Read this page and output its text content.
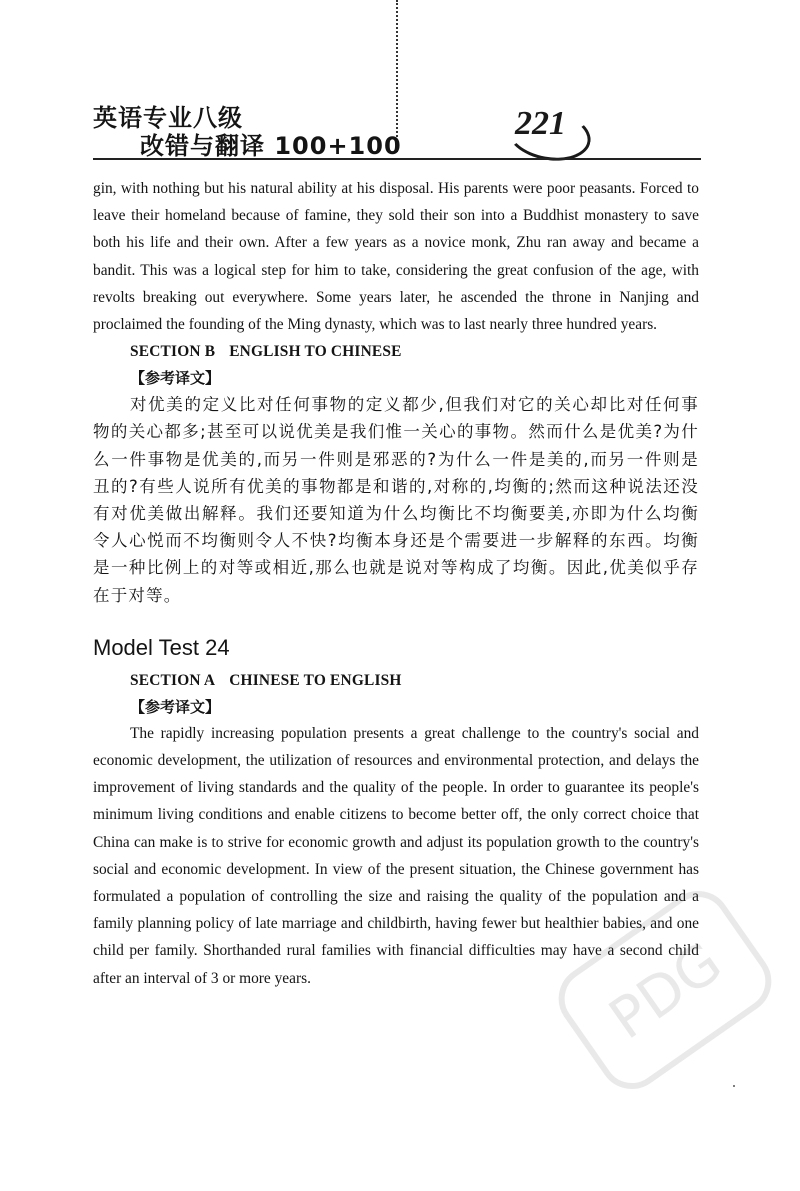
英语专业八级
改错与翻译 100+100
221

gin, with nothing but his natural ability at his disposal. His parents were poor peasants. Forced to leave their homeland because of famine, they sold their son into a Buddhist monastery to save both his life and their own. After a few years as a novice monk, Zhu ran away and became a bandit. This was a logical step for him to take, considering the great confusion of the age, with revolts breaking out everywhere. Some years later, he ascended the throne in Nanjing and proclaimed the founding of the Ming dynasty, which was to last nearly three hundred years.

SECTION B ENGLISH TO CHINESE

【参考译文】

对优美的定义比对任何事物的定义都少,但我们对它的关心却比对任何事物的关心都多;甚至可以说优美是我们惟一关心的事物。然而什么是优美?为什么一件事物是优美的,而另一件则是邪恶的?为什么一件是美的,而另一件则是丑的?有些人说所有优美的事物都是和谐的,对称的,均衡的;然而这种说法还没有对优美做出解释。我们还要知道为什么均衡比不均衡要美,亦即为什么均衡令人心悦而不均衡则令人不快?均衡本身还是个需要进一步解释的东西。均衡是一种比例上的对等或相近,那么也就是说对等构成了均衡。因此,优美似乎存在于对等。

Model Test 24

SECTION A CHINESE TO ENGLISH

【参考译文】

The rapidly increasing population presents a great challenge to the country's social and economic development, the utilization of resources and environmental protection, and delays the improvement of living standards and the quality of the people. In order to guarantee its people's minimum living conditions and enable citizens to become better off, the only correct choice that China can make is to strive for economic growth and adjust its population growth to the country's social and economic development. In view of the present situation, the Chinese government has formulated a population of controlling the size and raising the quality of the population and a family planning policy of late marriage and childbirth, having fewer but healthier babies, and one child per family. Shorthanded rural families with financial difficulties may have a second child after an interval of 3 or more years.	PDG
